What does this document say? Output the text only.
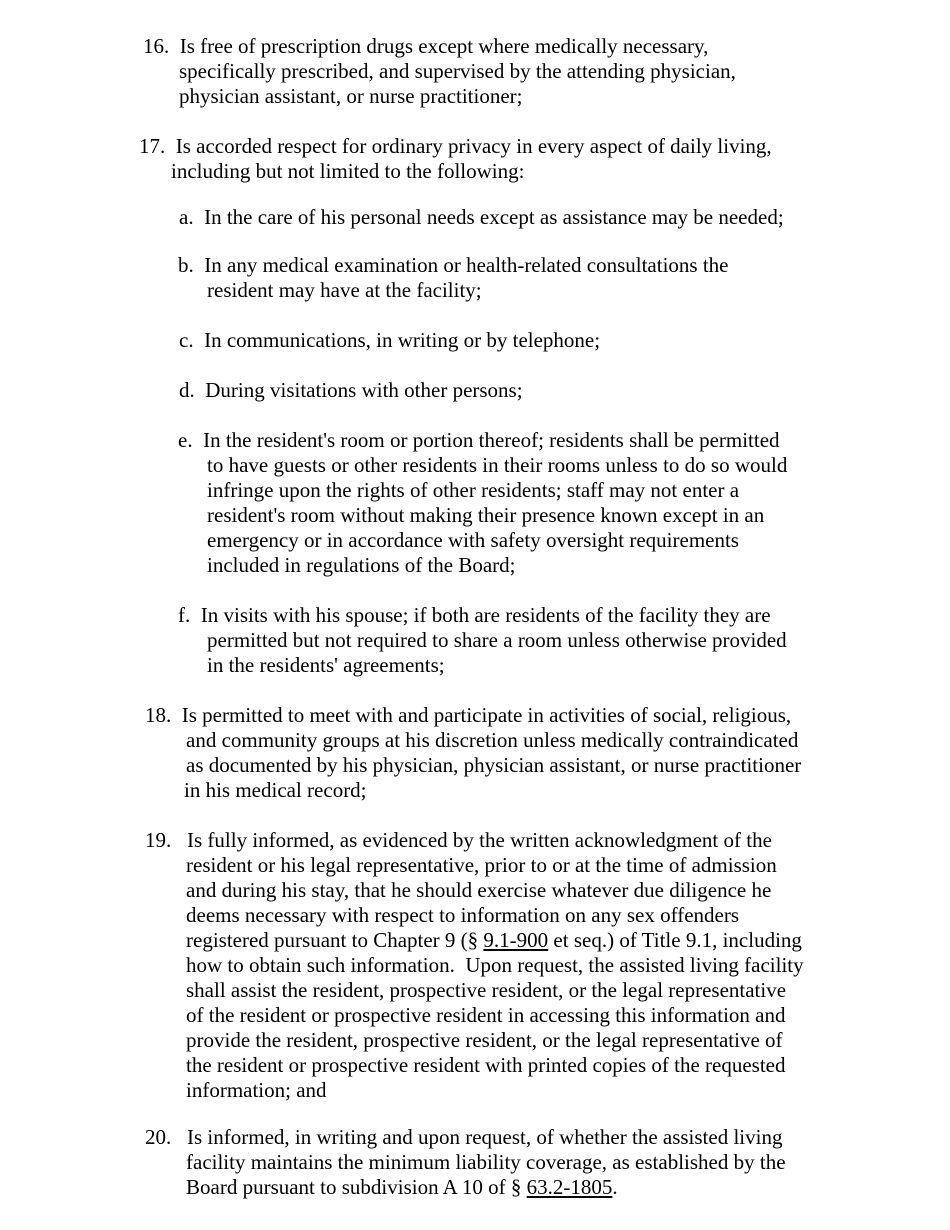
16.  Is free of prescription drugs except where medically necessary,
specifically prescribed, and supervised by the attending physician,
physician assistant, or nurse practitioner;
17.  Is accorded respect for ordinary privacy in every aspect of daily living,
including but not limited to the following:
a.  In the care of his personal needs except as assistance may be needed;
b.  In any medical examination or health-related consultations the
resident may have at the facility;
c.  In communications, in writing or by telephone;
d.  During visitations with other persons;
e.  In the resident's room or portion thereof; residents shall be permitted
to have guests or other residents in their rooms unless to do so would
infringe upon the rights of other residents; staff may not enter a
resident's room without making their presence known except in an
emergency or in accordance with safety oversight requirements
included in regulations of the Board;
f.  In visits with his spouse; if both are residents of the facility they are
permitted but not required to share a room unless otherwise provided
in the residents' agreements;
18.  Is permitted to meet with and participate in activities of social, religious,
and community groups at his discretion unless medically contraindicated
as documented by his physician, physician assistant, or nurse practitioner
in his medical record;
19.   Is fully informed, as evidenced by the written acknowledgment of the
resident or his legal representative, prior to or at the time of admission
and during his stay, that he should exercise whatever due diligence he
deems necessary with respect to information on any sex offenders
registered pursuant to Chapter 9 (§ 9.1-900 et seq.) of Title 9.1, including
how to obtain such information.  Upon request, the assisted living facility
shall assist the resident, prospective resident, or the legal representative
of the resident or prospective resident in accessing this information and
provide the resident, prospective resident, or the legal representative of
the resident or prospective resident with printed copies of the requested
information; and
20.   Is informed, in writing and upon request, of whether the assisted living
facility maintains the minimum liability coverage, as established by the
Board pursuant to subdivision A 10 of § 63.2-1805.
